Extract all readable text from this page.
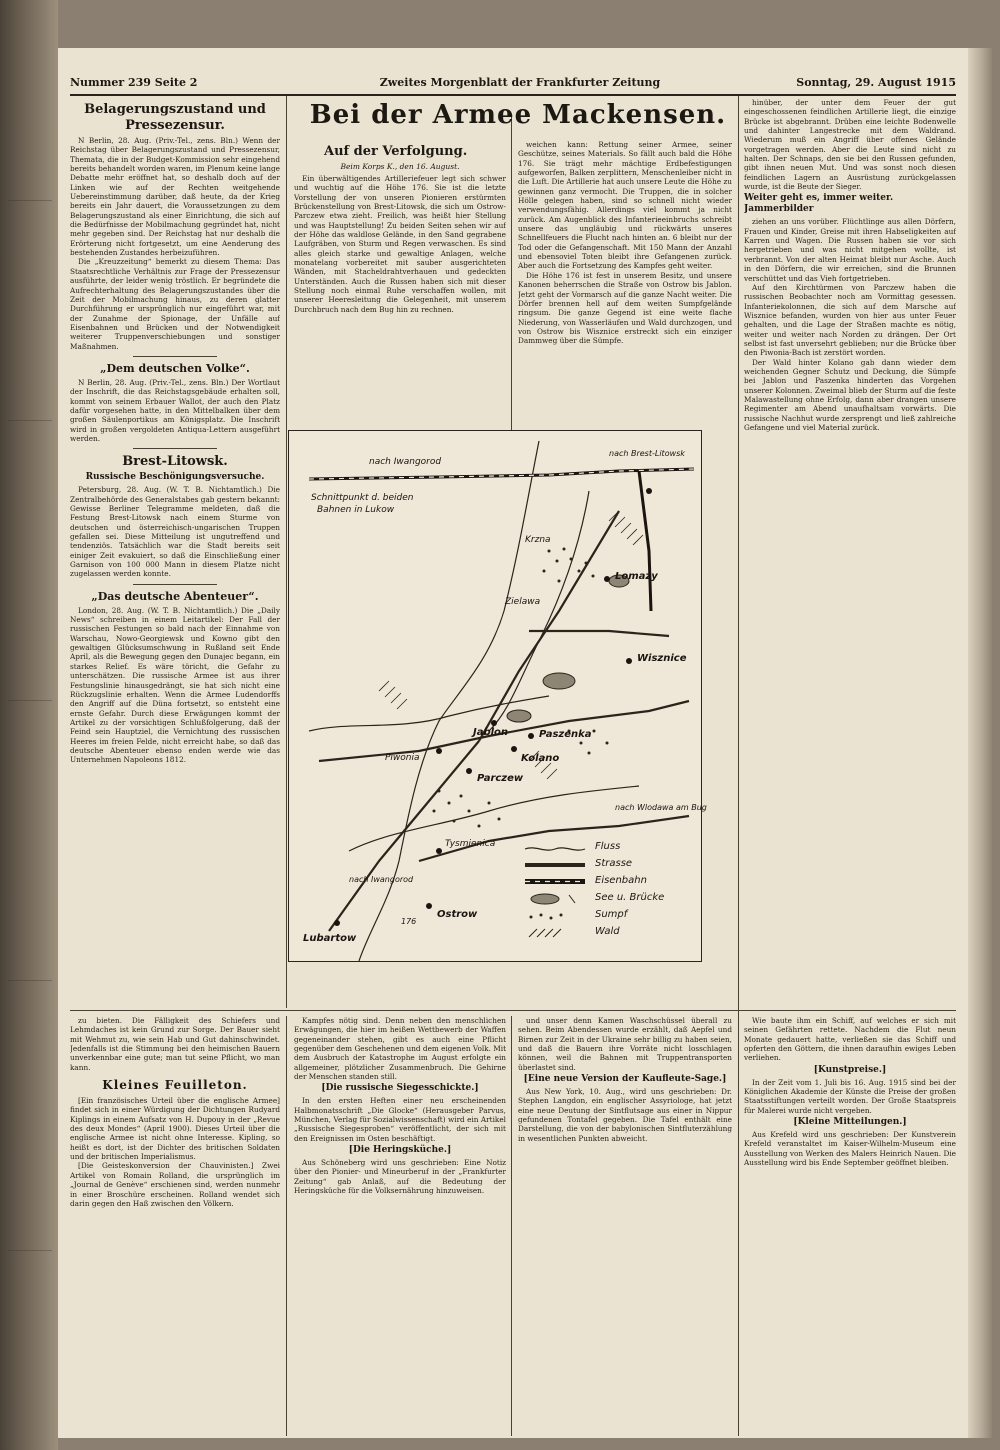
Nummer 239 Seite 2	Zweites Morgenblatt der Frankfurter Zeitung	Sonntag, 29. August 1915
Belagerungszustand und Pressezensur.

N Berlin, 28. Aug. (Priv.-Tel., zens. Bln.) Wenn der Reichstag über Belagerungszustand und Pressezensur, Themata, die in der Budget-Kommission sehr eingehend bereits behandelt worden waren, im Plenum keine lange Debatte mehr eröffnet hat, so deshalb doch auf der Linken wie auf der Rechten weitgehende Uebereinstimmung darüber, daß heute, da der Krieg bereits ein Jahr dauert, die Voraussetzungen zu dem Belagerungszustand als einer Einrichtung, die sich auf die Bedürfnisse der Mobilmachung gegründet hat, nicht mehr gegeben sind. Der Reichstag hat nur deshalb die Erörterung nicht fortgesetzt, um eine Aenderung des bestehenden Zustandes herbeizuführen.

Die „Kreuzzeitung“ bemerkt zu diesem Thema: Das Staatsrechtliche Verhältnis zur Frage der Pressezensur ausführte, der leider wenig tröstlich. Er begründete die Aufrechterhaltung des Belagerungszustandes über die Zeit der Mobilmachung hinaus, zu deren glatter Durchführung er ursprünglich nur eingeführt war, mit der Zunahme der Spionage, der Unfälle auf Eisenbahnen und Brücken und der Notwendigkeit weiterer Truppenverschiebungen und sonstiger Maßnahmen.

„Dem deutschen Volke“.

N Berlin, 28. Aug. (Priv.-Tel., zens. Bln.) Der Wortlaut der Inschrift, die das Reichstagsgebäude erhalten soll, kommt von seinem Erbauer Wallot, der auch den Platz dafür vorgesehen hatte, in den Mittelbalken über dem großen Säulenportikus am Königsplatz. Die Inschrift wird in großen vergoldeten Antiqua-Lettern ausgeführt werden.

Brest-Litowsk.
Russische Beschönigungsversuche.

Petersburg, 28. Aug. (W. T. B. Nichtamtlich.) Die Zentralbehörde des Generalstabes gab gestern bekannt: Gewisse Berliner Telegramme meldeten, daß die Festung Brest-Litowsk nach einem Sturme von deutschen und österreichisch-ungarischen Truppen gefallen sei. Diese Mitteilung ist ungutreffend und tendenziös. Tatsächlich war die Stadt bereits seit einiger Zeit evakuiert, so daß die Einschließung einer Garnison von 100 000 Mann in diesem Platze nicht zugelassen werden konnte.

„Das deutsche Abenteuer“.

London, 28. Aug. (W. T. B. Nichtamtlich.) Die „Daily News“ schreiben in einem Leitartikel: Der Fall der russischen Festungen so bald nach der Einnahme von Warschau, Nowo-Georgiewsk und Kowno gibt den gewaltigen Glücksumschwung in Rußland seit Ende April, als die Bewegung gegen den Dunajec begann, ein starkes Relief. Es wäre töricht, die Gefahr zu unterschätzen. Die russische Armee ist aus ihrer Festungslinie hinausgedrängt, sie hat sich nicht eine Rückzugslinie erhalten. Wenn die Armee Ludendorffs den Angriff auf die Düna fortsetzt, so entsteht eine ernste Gefahr. Durch diese Erwägungen kommt der Artikel zu der vorsichtigen Schlußfolgerung, daß der Feind sein Hauptziel, die Vernichtung des russischen Heeres im freien Felde, nicht erreicht habe, so daß das deutsche Abenteuer ebenso enden werde wie das Unternehmen Napoleons 1812.

Bei der Armee Mackensen.
Auf der Verfolgung.
Beim Korps K., den 16. August.

Ein überwältigendes Artilleriefeuer legt sich schwer und wuchtig auf die Höhe 176. Sie ist die letzte Vorstellung der von unseren Pionieren erstürmten Brückenstellung von Brest-Litowsk, die sich um Ostrow-Parczew etwa zieht. Freilich, was heißt hier Stellung und was Hauptstellung! Zu beiden Seiten sehen wir auf der Höhe das waldlose Gelände, in den Sand gegrabene Laufgräben, von Sturm und Regen verwaschen. Es sind alles gleich starke und gewaltige Anlagen, welche monatelang vorbereitet mit sauber ausgerichteten Wänden, mit Stacheldrahtverhauen und gedeckten Unterständen. Auch die Russen haben sich mit dieser Stellung noch einmal Ruhe verschaffen wollen, mit unserer Heeresleitung die Gelegenheit, mit unserem Durchbruch nach dem Bug hin zu rechnen.

weichen kann: Rettung seiner Armee, seiner Geschütze, seines Materials. So fällt auch bald die Höhe 176. Sie trägt mehr mächtige Erdbefestigungen aufgeworfen, Balken zerplittern, Menschenleiber nicht in die Luft. Die Artillerie hat auch unsere Leute die Höhe zu gewinnen ganz vermocht. Die Truppen, die in solcher Hölle gelegen haben, sind so schnell nicht wieder verwendungsfähig. Allerdings viel kommt ja nicht zurück. Am Augenblick des Infanterieeinbruchs schreibt unsere das ungläubig und rückwärts unseres Schnellfeuers die Flucht nach hinten an. 6 bleibt nur der Tod oder die Gefangenschaft. Mit 150 Mann der Anzahl und ebensoviel Toten bleibt ihre Gefangenen zurück. Aber auch die Fortsetzung des Kampfes geht weiter.

Die Höhe 176 ist fest in unserem Besitz, und unsere Kanonen beherrschen die Straße von Ostrow bis Jablon. Jetzt geht der Vormarsch auf die ganze Nacht weiter. Die Dörfer brennen hell auf dem weiten Sumpfgelände ringsum. Die ganze Gegend ist eine weite flache Niederung, von Wasserläufen und Wald durchzogen, und von Ostrow bis Wisznice erstreckt sich ein einziger Dammweg über die Sümpfe.

hinüber, der unter dem Feuer der gut eingeschossenen feindlichen Artillerie liegt, die einzige Brücke ist abgebrannt. Drüben eine leichte Bodenwelle und dahinter Langestrecke mit dem Waldrand. Wiederum muß ein Angriff über offenes Gelände vorgetragen werden. Aber die Leute sind nicht zu halten. Der Schnaps, den sie bei den Russen gefunden, gibt ihnen neuen Mut. Und was sonst noch diesen feindlichen Lagern an Ausrüstung zurückgelassen wurde, ist die Beute der Sieger.

Weiter geht es, immer weiter. Jammerbilder

ziehen an uns vorüber. Flüchtlinge aus allen Dörfern, Frauen und Kinder, Greise mit ihren Habseligkeiten auf Karren und Wagen. Die Russen haben sie vor sich hergetrieben und was nicht mitgehen wollte, ist verbrannt. Von der alten Heimat bleibt nur Asche. Auch in den Dörfern, die wir erreichen, sind die Brunnen verschüttet und das Vieh fortgetrieben.

Auf den Kirchtürmen von Parczew haben die russischen Beobachter noch am Vormittag gesessen. Infanteriekolonnen, die sich auf dem Marsche auf Wisznice befanden, wurden von hier aus unter Feuer gehalten, und die Lage der Straßen machte es nötig, weiter und weiter nach Norden zu drängen. Der Ort selbst ist fast unversehrt geblieben; nur die Brücke über den Piwonia-Bach ist zerstört worden.

Der Wald hinter Kolano gab dann wieder dem weichenden Gegner Schutz und Deckung, die Sümpfe bei Jablon und Paszenka hinderten das Vorgehen unserer Kolonnen. Zweimal blieb der Sturm auf die feste Malawastellung ohne Erfolg, dann aber drangen unsere Regimenter am Abend unaufhaltsam vorwärts. Die russische Nachhut wurde zersprengt und ließ zahlreiche Gefangene und viel Material zurück.

nach Iwangorod
nach Brest-Litowsk
Schnittpunkt d. beiden
Bahnen in Lukow
Lomazy
Wisznice
Jablon	Paszenka
Kolano
Piwonia
Parczew
Tysmienica
Ostrow
Lubartow
nach Wlodawa am Bug
nach Iwangorod
176
Krzna
Zielawa
Fluss
Strasse
Eisenbahn
See u. Brücke
Sumpf
Wald

zu bieten. Die Fälligkeit des Schiefers und Lehmdaches ist kein Grund zur Sorge. Der Bauer sieht mit Wehmut zu, wie sein Hab und Gut dahinschwindet. Jedenfalls ist die Stimmung bei den heimischen Bauern unverkennbar eine gute; man tut seine Pflicht, wo man kann.

Kleines Feuilleton.

[Ein französisches Urteil über die englische Armee] findet sich in einer Würdigung der Dichtungen Rudyard Kiplings in einem Aufsatz von H. Dupouy in der „Revue des deux Mondes“ (April 1900). Dieses Urteil über die englische Armee ist nicht ohne Interesse. Kipling, so heißt es dort, ist der Dichter des britischen Soldaten und der britischen Imperialismus.

[Die Geisteskonversion der Chauvinisten.] Zwei Artikel von Romain Rolland, die ursprünglich im „Journal de Genève“ erschienen sind, werden nunmehr in einer Broschüre erscheinen. Rolland wendet sich darin gegen den Haß zwischen den Völkern.

Kampfes nötig sind. Denn neben den menschlichen Erwägungen, die hier im heißen Wettbewerb der Waffen gegeneinander stehen, gibt es auch eine Pflicht gegenüber dem Geschehenen und dem eigenen Volk. Mit dem Ausbruch der Katastrophe im August erfolgte ein allgemeiner, plötzlicher Zusammenbruch. Die Gehirne der Menschen standen still.

[Die russische Siegesschickte.]

In den ersten Heften einer neu erscheinenden Halbmonatsschrift „Die Glocke“ (Herausgeber Parvus, München, Verlag für Sozialwissenschaft) wird ein Artikel „Russische Siegesproben“ veröffentlicht, der sich mit den Ereignissen im Osten beschäftigt.

[Die Heringsküche.]

Aus Schöneberg wird uns geschrieben: Eine Notiz über den Pionier- und Mineurberuf in der „Frankfurter Zeitung“ gab Anlaß, auf die Bedeutung der Heringsküche für die Volksernährung hinzuweisen.

und unser denn Kamen Waschschüssel überall zu sehen. Beim Abendessen wurde erzählt, daß Aepfel und Birnen zur Zeit in der Ukraine sehr billig zu haben seien, und daß die Bauern ihre Vorräte nicht losschlagen können, weil die Bahnen mit Truppentransporten überlastet sind.

[Eine neue Version der Kaufleute-Sage.]

Aus New York, 10. Aug., wird uns geschrieben: Dr. Stephen Langdon, ein englischer Assyriologe, hat jetzt eine neue Deutung der Sintflutsage aus einer in Nippur gefundenen Tontafel gegeben. Die Tafel enthält eine Darstellung, die von der babylonischen Sintfluterzählung in wesentlichen Punkten abweicht.

Wie baute ihm ein Schiff, auf welches er sich mit seinen Gefährten rettete. Nachdem die Flut neun Monate gedauert hatte, verließen sie das Schiff und opferten den Göttern, die ihnen daraufhin ewiges Leben verliehen.

[Kunstpreise.]

In der Zeit vom 1. Juli bis 16. Aug. 1915 sind bei der Königlichen Akademie der Künste die Preise der großen Staatsstiftungen verteilt worden. Der Große Staatspreis für Malerei wurde nicht vergeben.

[Kleine Mitteilungen.]

Aus Krefeld wird uns geschrieben: Der Kunstverein Krefeld veranstaltet im Kaiser-Wilhelm-Museum eine Ausstellung von Werken des Malers Heinrich Nauen. Die Ausstellung wird bis Ende September geöffnet bleiben.
